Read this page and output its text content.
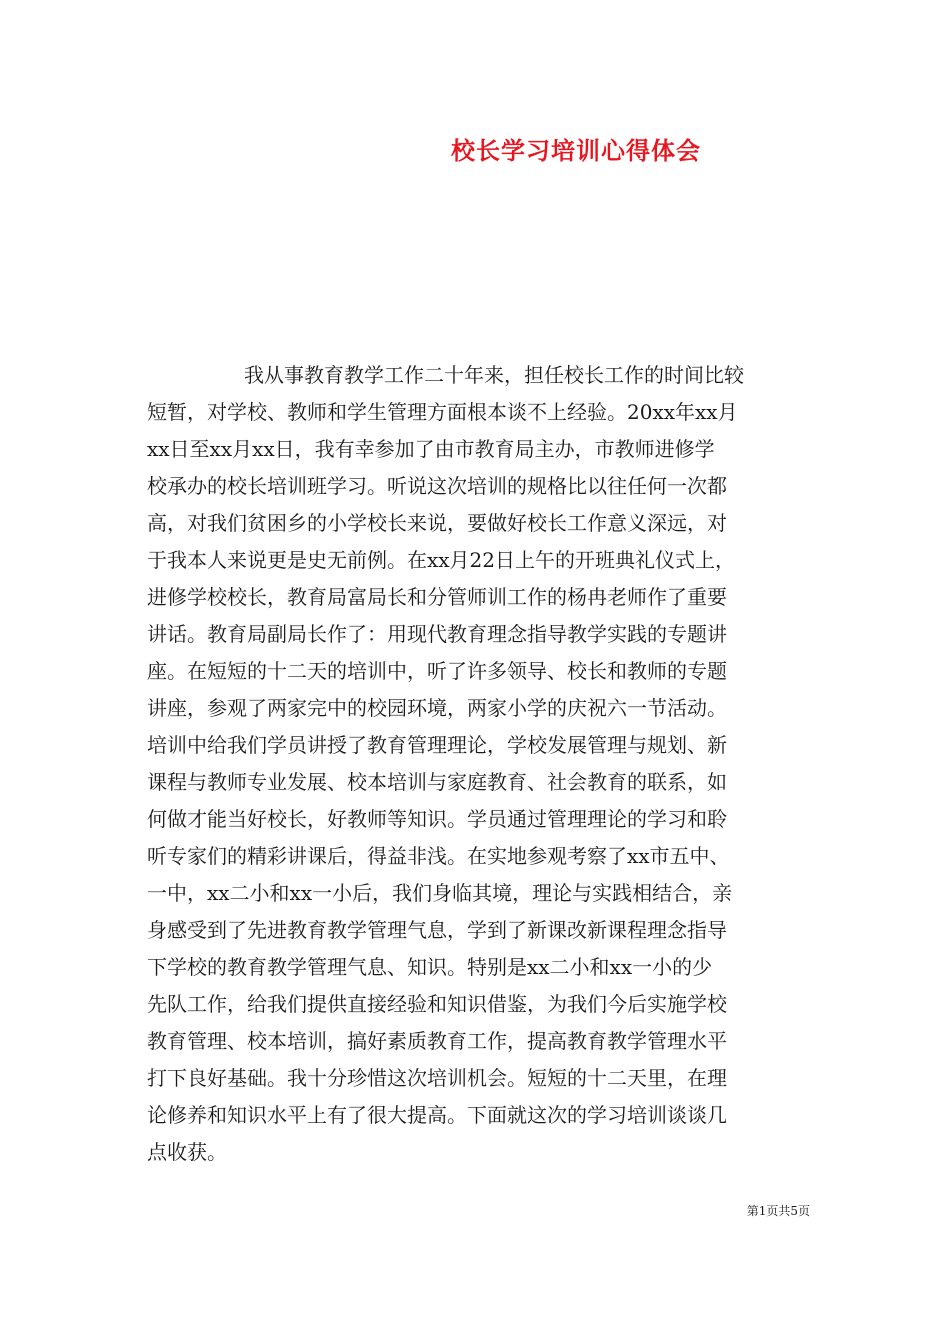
校长学习培训心得体会
我从事教育教学工作二十年来，担任校长工作的时间比较
短暂，对学校、教师和学生管理方面根本谈不上经验。20xx年xx月
xx日至xx月xx日，我有幸参加了由市教育局主办，市教师进修学
校承办的校长培训班学习。听说这次培训的规格比以往任何一次都
高，对我们贫困乡的小学校长来说，要做好校长工作意义深远，对
于我本人来说更是史无前例。在xx月22日上午的开班典礼仪式上，
进修学校校长，教育局富局长和分管师训工作的杨冉老师作了重要
讲话。教育局副局长作了：用现代教育理念指导教学实践的专题讲
座。在短短的十二天的培训中，听了许多领导、校长和教师的专题
讲座，参观了两家完中的校园环境，两家小学的庆祝六一节活动。
培训中给我们学员讲授了教育管理理论，学校发展管理与规划、新
课程与教师专业发展、校本培训与家庭教育、社会教育的联系，如
何做才能当好校长，好教师等知识。学员通过管理理论的学习和聆
听专家们的精彩讲课后，得益非浅。在实地参观考察了xx市五中、
一中，xx二小和xx一小后，我们身临其境，理论与实践相结合，亲
身感受到了先进教育教学管理气息，学到了新课改新课程理念指导
下学校的教育教学管理气息、知识。特别是xx二小和xx一小的少
先队工作，给我们提供直接经验和知识借鉴，为我们今后实施学校
教育管理、校本培训，搞好素质教育工作，提高教育教学管理水平
打下良好基础。我十分珍惜这次培训机会。短短的十二天里，在理
论修养和知识水平上有了很大提高。下面就这次的学习培训谈谈几
点收获。
第1页共5页
